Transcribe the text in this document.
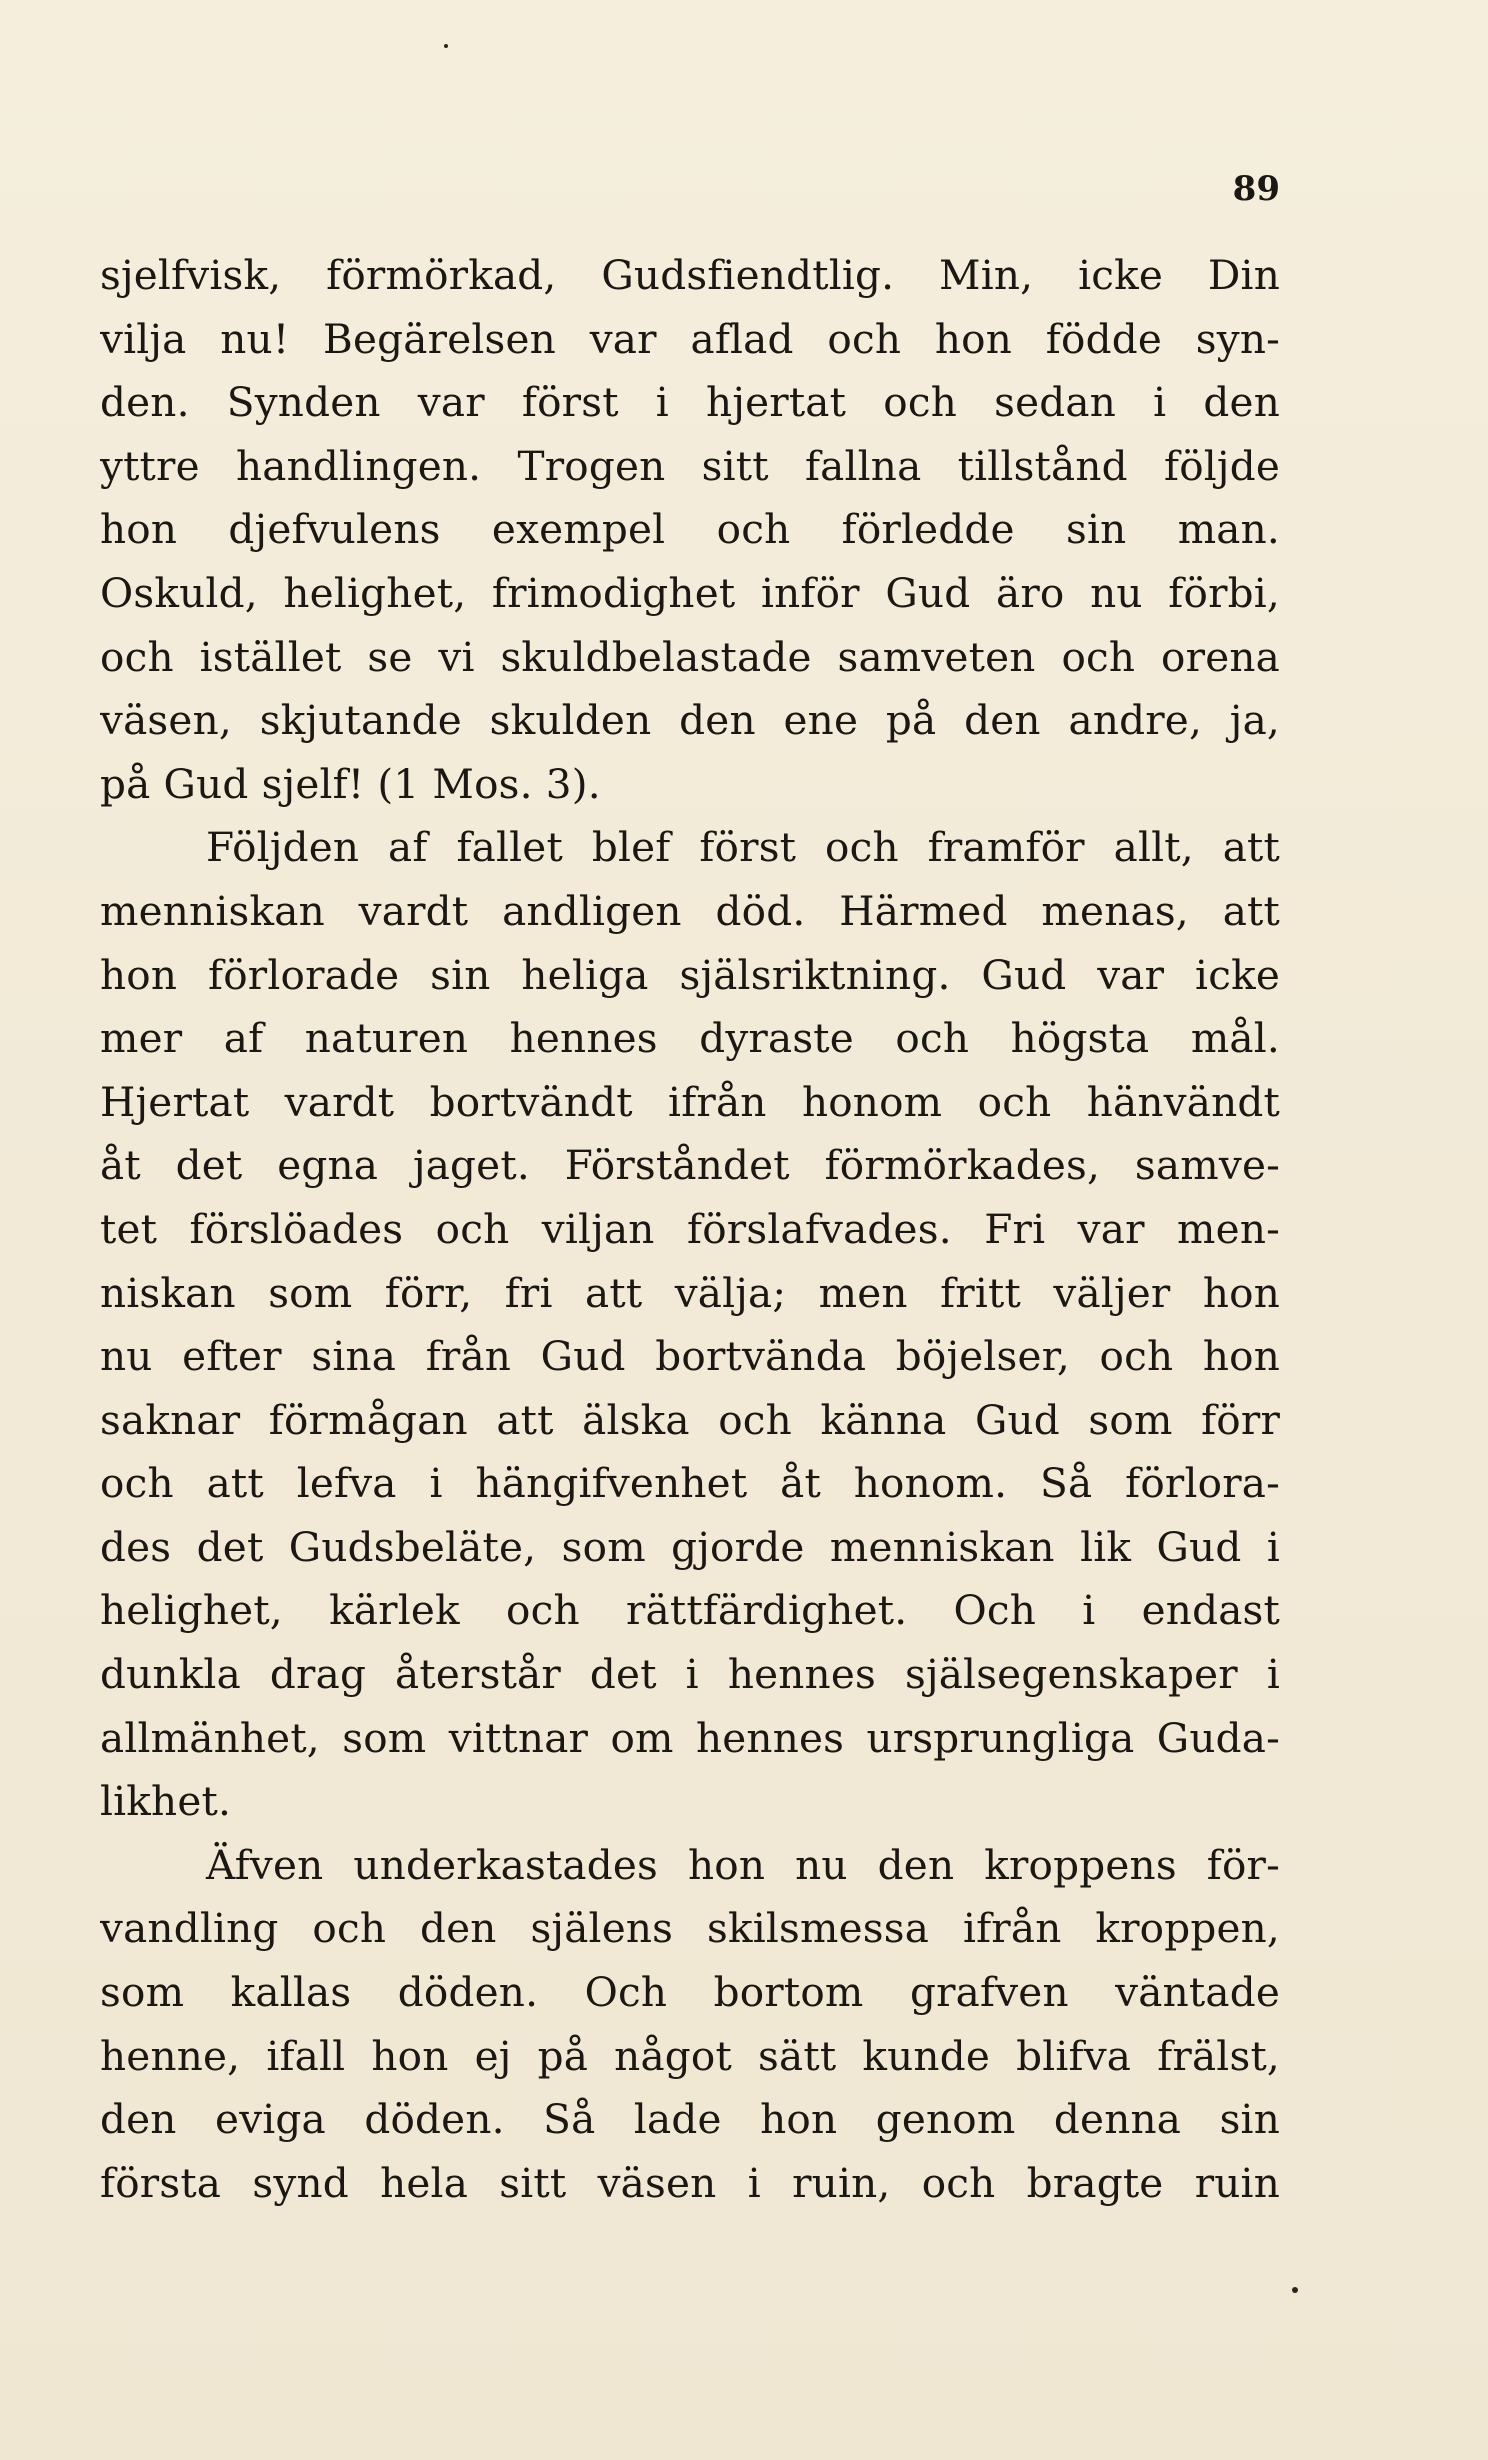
89
sjelfvisk, förmörkad, Gudsfiendtlig. Min, icke Din
vilja nu! Begärelsen var aflad och hon födde syn-
den. Synden var först i hjertat och sedan i den
yttre handlingen. Trogen sitt fallna tillstånd följde
hon djefvulens exempel och förledde sin man.
Oskuld, helighet, frimodighet inför Gud äro nu förbi,
och istället se vi skuldbelastade samveten och orena
väsen, skjutande skulden den ene på den andre, ja,
på Gud sjelf! (1 Mos. 3).
Följden af fallet blef först och framför allt, att
menniskan vardt andligen död. Härmed menas, att
hon förlorade sin heliga själsriktning. Gud var icke
mer af naturen hennes dyraste och högsta mål.
Hjertat vardt bortvändt ifrån honom och hänvändt
åt det egna jaget. Förståndet förmörkades, samve-
tet förslöades och viljan förslafvades. Fri var men-
niskan som förr, fri att välja; men fritt väljer hon
nu efter sina från Gud bortvända böjelser, och hon
saknar förmågan att älska och känna Gud som förr
och att lefva i hängifvenhet åt honom. Så förlora-
des det Gudsbeläte, som gjorde menniskan lik Gud i
helighet, kärlek och rättfärdighet. Och i endast
dunkla drag återstår det i hennes själsegenskaper i
allmänhet, som vittnar om hennes ursprungliga Guda-
likhet.
Äfven underkastades hon nu den kroppens för-
vandling och den själens skilsmessa ifrån kroppen,
som kallas döden. Och bortom grafven väntade
henne, ifall hon ej på något sätt kunde blifva frälst,
den eviga döden. Så lade hon genom denna sin
första synd hela sitt väsen i ruin, och bragte ruin
